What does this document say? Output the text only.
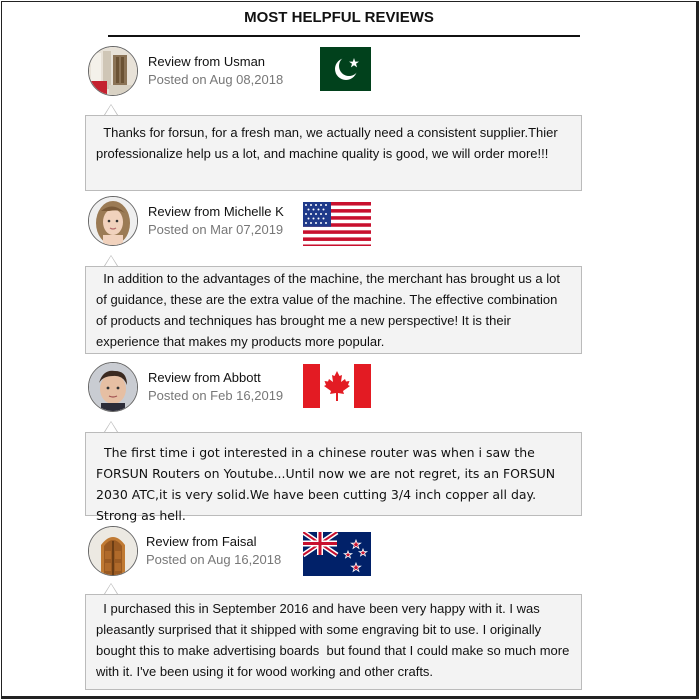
MOST HELPFUL REVIEWS
Review from Usman
Posted on Aug 08,2018

Thanks for forsun, for a fresh man, we actually need a consistent supplier.Thier professionalize help us a lot, and machine quality is good, we will order more!!!

Review from Michelle K
Posted on Mar 07,2019

In addition to the advantages of the machine, the merchant has brought us a lot of guidance, these are the extra value of the machine. The effective combination of products and techniques has brought me a new perspective! It is their experience that makes my products more popular.

Review from Abbott
Posted on Feb 16,2019

The first time i got interested in a chinese router was when i saw the FORSUN Routers on Youtube...Until now we are not regret, its an FORSUN 2030 ATC,it is very solid.We have been cutting 3/4 inch copper all day. Strong as hell.

Review from Faisal
Posted on Aug 16,2018

I purchased this in September 2016 and have been very happy with it. I was pleasantly surprised that it shipped with some engraving bit to use. I originally bought this to make advertising boards  but found that I could make so much more with it. I've been using it for wood working and other crafts.
